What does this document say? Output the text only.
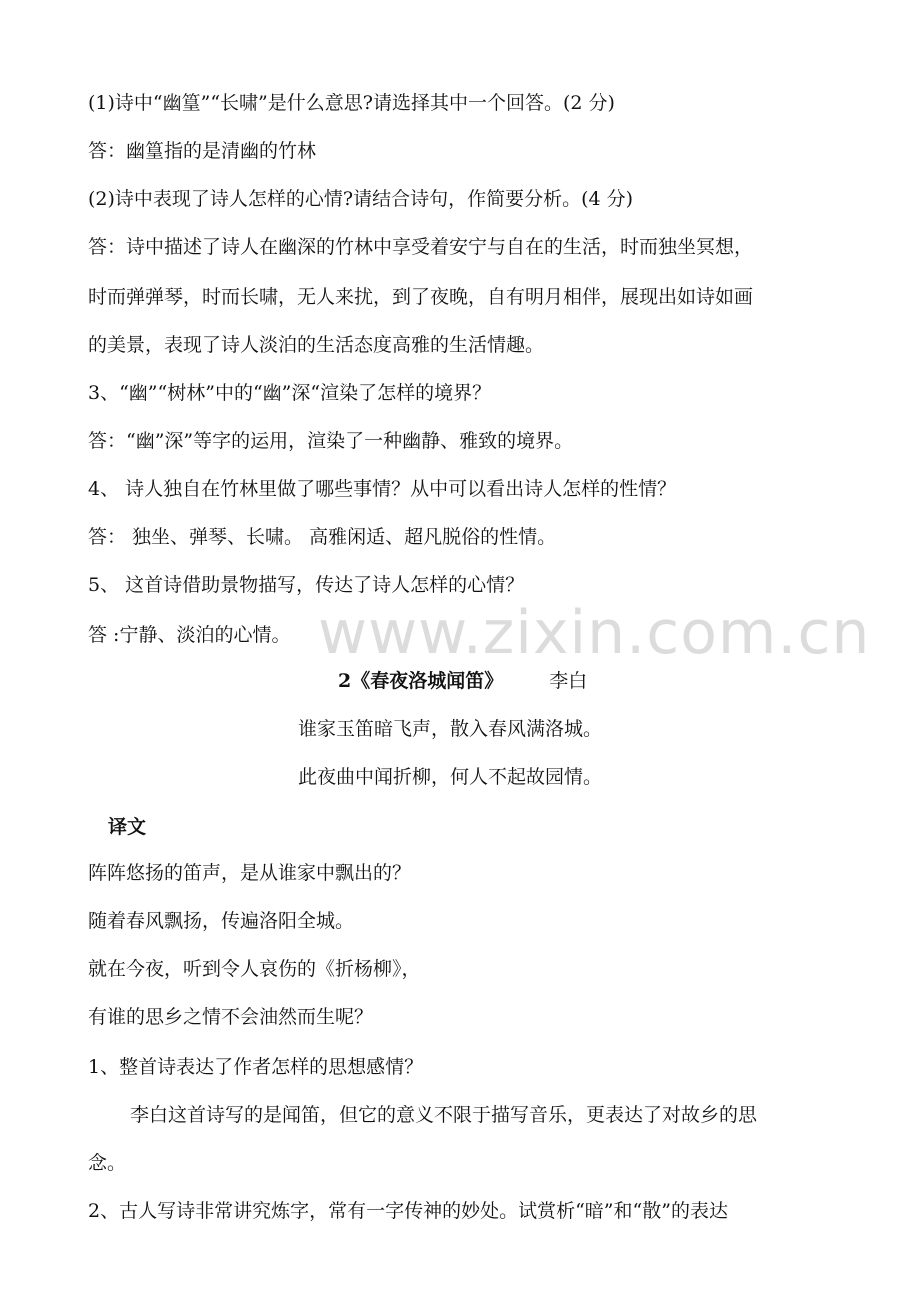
(1)诗中“幽篁”“长啸”是什么意思?请选择其中一个回答。(2 分)
答：幽篁指的是清幽的竹林
(2)诗中表现了诗人怎样的心情?请结合诗句，作简要分析。(4 分)
答：诗中描述了诗人在幽深的竹林中享受着安宁与自在的生活，时而独坐冥想，
时而弹弹琴，时而长啸，无人来扰，到了夜晚，自有明月相伴，展现出如诗如画
的美景，表现了诗人淡泊的生活态度高雅的生活情趣。
3、“幽”“树林”中的“幽”深“渲染了怎样的境界？
答：“幽”深”等字的运用，渲染了一种幽静、雅致的境界。
4、 诗人独自在竹林里做了哪些事情？从中可以看出诗人怎样的性情？
答： 独坐、弹琴、长啸。 高雅闲适、超凡脱俗的性情。
5、 这首诗借助景物描写，传达了诗人怎样的心情？
答 :宁静、淡泊的心情。 www.zixin.com.cn
2《春夜洛城闻笛》 李白
谁家玉笛暗飞声，散入春风满洛城。
此夜曲中闻折柳，何人不起故园情。
译文
阵阵悠扬的笛声，是从谁家中飘出的？
随着春风飘扬，传遍洛阳全城。
就在今夜，听到令人哀伤的《折杨柳》，
有谁的思乡之情不会油然而生呢？
1、整首诗表达了作者怎样的思想感情？
李白这首诗写的是闻笛，但它的意义不限于描写音乐，更表达了对故乡的思
念。
2、古人写诗非常讲究炼字，常有一字传神的妙处。试赏析“暗”和“散”的表达
